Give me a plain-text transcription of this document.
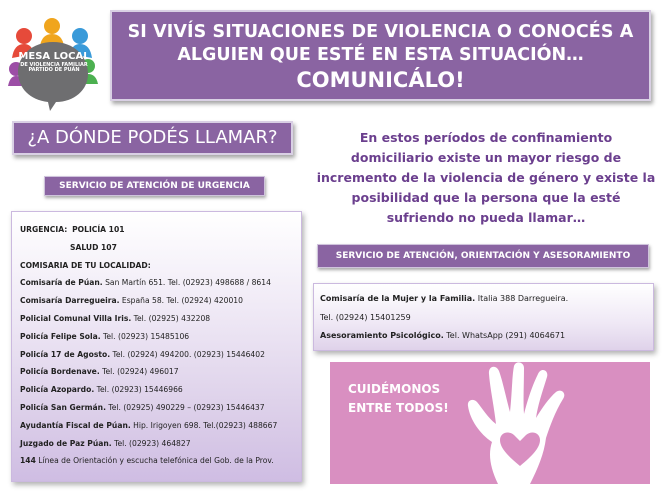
MESA LOCAL
DE VIOLENCIA FAMILIAR
PARTIDO DE PUÁN
SI VIVÍS SITUACIONES DE VIOLENCIA O CONOCÉS A
ALGUIEN QUE ESTÉ EN ESTA SITUACIÓN…
COMUNICÁLO!
¿A DÓNDE PODÉS LLAMAR?	En estos períodos de confinamiento
domiciliario existe un mayor riesgo de
incremento de la violencia de género y existe la
posibilidad que la persona que la esté
sufriendo no pueda llamar…
SERVICIO DE ATENCIÓN DE URGENCIA
URGENCIA: POLICÍA 101
SALUD 107
COMISARIA DE TU LOCALIDAD:
Comisaría de Púan. San Martín 651. Tel. (02923) 498688 / 8614
Comisaría Darregueira. España 58. Tel. (02924) 420010
Policial Comunal Villa Iris. Tel. (02925) 432208
Policía Felipe Sola. Tel. (02923) 15485106
Policía 17 de Agosto. Tel. (02924) 494200. (02923) 15446402
Policía Bordenave. Tel. (02924) 496017
Policía Azopardo. Tel. (02923) 15446966
Policía San Germán. Tel. (02925) 490229 – (02923) 15446437
Ayudantía Fiscal de Púan. Hip. Irigoyen 698. Tel.(02923) 488667
Juzgado de Paz Púan. Tel. (02923) 464827
144 Línea de Orientación y escucha telefónica del Gob. de la Prov.
SERVICIO DE ATENCIÓN, ORIENTACIÓN Y ASESORAMIENTO
Comisaría de la Mujer y la Familia. Italia 388 Darregueira.
Tel. (02924) 15401259
Asesoramiento Psicológico. Tel. WhatsApp (291) 4064671
CUIDÉMONOS
ENTRE TODOS!
